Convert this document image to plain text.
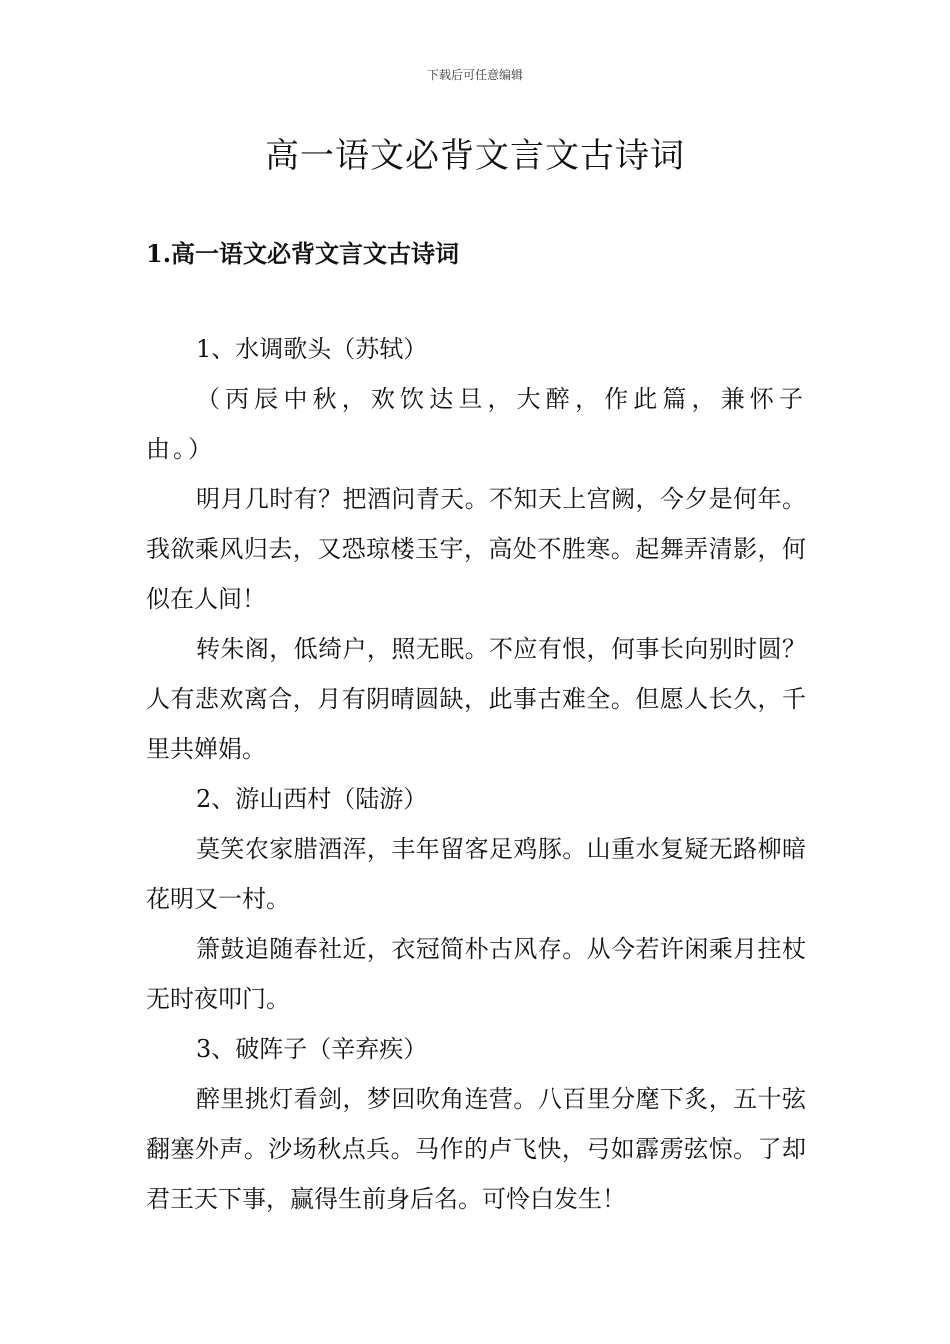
下载后可任意编辑
高一语文必背文言文古诗词
1.高一语文必背文言文古诗词

1、水调歌头（苏轼）

（丙辰中秋，欢饮达旦，大醉，作此篇，兼怀子由。）

明月几时有？把酒问青天。不知天上宫阙，今夕是何年。我欲乘风归去，又恐琼楼玉宇，高处不胜寒。起舞弄清影，何似在人间！

转朱阁，低绮户，照无眠。不应有恨，何事长向别时圆？人有悲欢离合，月有阴晴圆缺，此事古难全。但愿人长久，千里共婵娟。

2、游山西村（陆游）

莫笑农家腊酒浑，丰年留客足鸡豚。山重水复疑无路柳暗花明又一村。

箫鼓追随春社近，衣冠简朴古风存。从今若许闲乘月拄杖无时夜叩门。

3、破阵子（辛弃疾）

醉里挑灯看剑，梦回吹角连营。八百里分麾下炙，五十弦翻塞外声。沙场秋点兵。马作的卢飞快，弓如霹雳弦惊。了却君王天下事，赢得生前身后名。可怜白发生！
